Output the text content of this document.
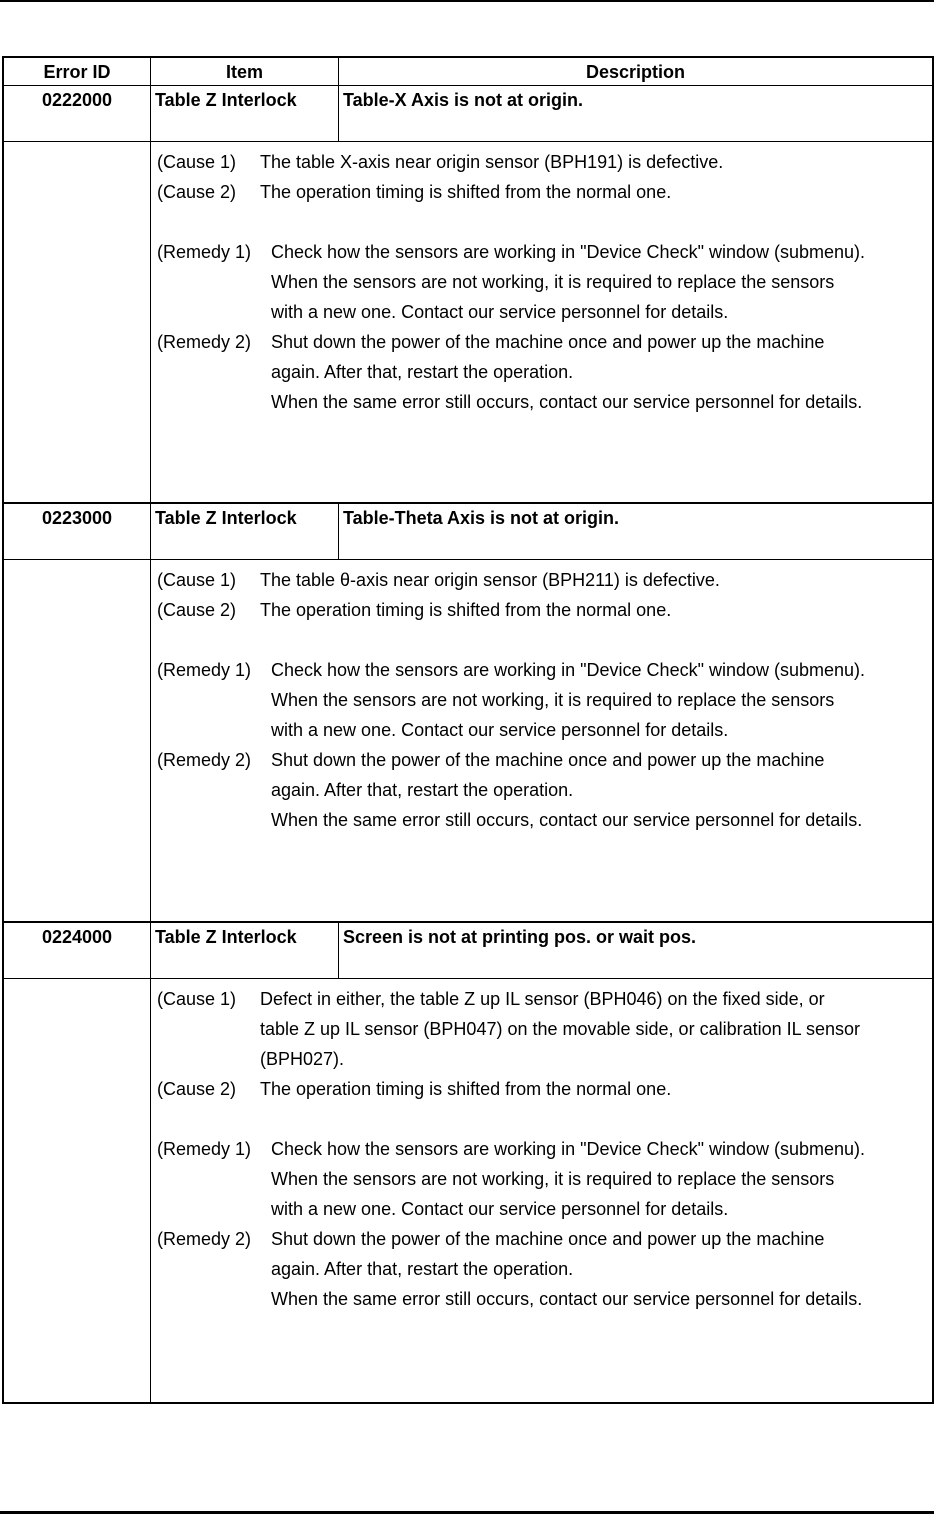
Error ID	Item	Description
0222000	Table Z Interlock	Table-X Axis is not at origin.
(Cause 1)	The table X-axis near origin sensor (BPH191) is defective.
(Cause 2)	The operation timing is shifted from the normal one.
(Remedy 1)	Check how the sensors are working in "Device Check" window (submenu).
When the sensors are not working, it is required to replace the sensors
with a new one. Contact our service personnel for details.
(Remedy 2)	Shut down the power of the machine once and power up the machine
again. After that, restart the operation.
When the same error still occurs, contact our service personnel for details.
0223000	Table Z Interlock	Table-Theta Axis is not at origin.
(Cause 1)	The table θ-axis near origin sensor (BPH211) is defective.
(Cause 2)	The operation timing is shifted from the normal one.
(Remedy 1)	Check how the sensors are working in "Device Check" window (submenu).
When the sensors are not working, it is required to replace the sensors
with a new one. Contact our service personnel for details.
(Remedy 2)	Shut down the power of the machine once and power up the machine
again. After that, restart the operation.
When the same error still occurs, contact our service personnel for details.
0224000	Table Z Interlock	Screen is not at printing pos. or wait pos.
(Cause 1)	Defect in either, the table Z up IL sensor (BPH046) on the fixed side, or
table Z up IL sensor (BPH047) on the movable side, or calibration IL sensor
(BPH027).
(Cause 2)	The operation timing is shifted from the normal one.
(Remedy 1)	Check how the sensors are working in "Device Check" window (submenu).
When the sensors are not working, it is required to replace the sensors
with a new one. Contact our service personnel for details.
(Remedy 2)	Shut down the power of the machine once and power up the machine
again. After that, restart the operation.
When the same error still occurs, contact our service personnel for details.
